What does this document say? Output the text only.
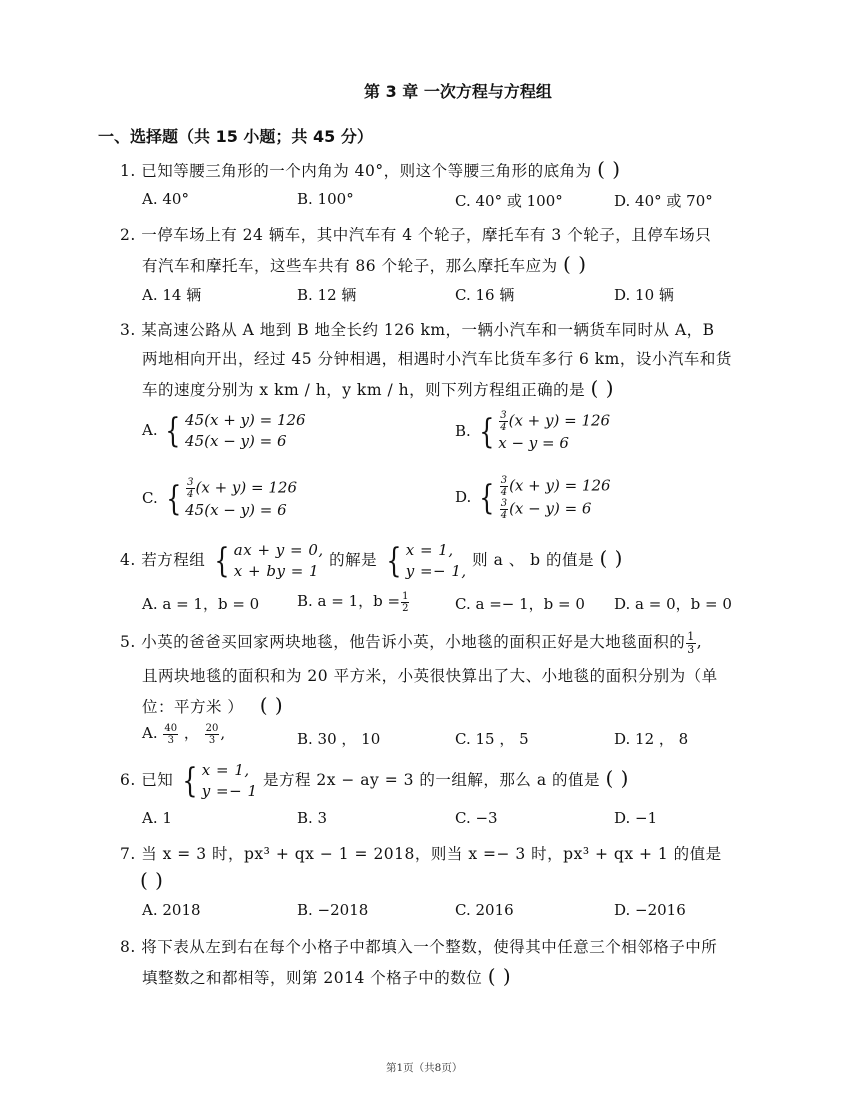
第 3 章 一次方程与方程组
一、选择题（共 15 小题；共 45 分）
1. 已知等腰三角形的一个内角为 40°，则这个等腰三角形的底角为 ( )
A. 40°	B. 100°	C. 40° 或 100°	D. 40° 或 70°
2. 一停车场上有 24 辆车，其中汽车有 4 个轮子，摩托车有 3 个轮子，且停车场只
有汽车和摩托车，这些车共有 86 个轮子，那么摩托车应为 ( )
A. 14 辆	B. 12 辆	C. 16 辆	D. 10 辆
3. 某高速公路从 A 地到 B 地全长约 126 km，一辆小汽车和一辆货车同时从 A，B
两地相向开出，经过 45 分钟相遇，相遇时小汽车比货车多行 6 km，设小汽车和货
车的速度分别为 x km / h，y km / h，则下列方程组正确的是 ( )
A. { 45(x + y) = 126
45(x − y) = 6
B. { $\frac{3}{4} (x + y) = 126$
x − y = 6
C. { $\frac{3}{4} (x + y) = 126$
45(x − y) = 6
D. { $\frac{3}{4} (x + y) = 126$
$\frac{3}{4} (x - y) = 6$
4. 若方程组 { ax + y = 0,
x + by = 1
的解是 { x = 1,
y =− 1,
则 a 、 b 的值是 ( )
A. a = 1，b = 0	B. a = 1，$b = \frac{1}{2}$	C. a =− 1，b = 0 D. a = 0，b = 0
5. 小英的爸爸买回家两块地毯，他告诉小英，小地毯的面积正好是大地毯面积的 $\frac{1}{3}$ ,
且两块地毯的面积和为 20 平方米，小英很快算出了大、小地毯的面积分别为（单
位：平方米 ） ( )
A. $\frac{40}{3}$ ， $\frac{20}{3}$ ,	B. 30 ， 10	C. 15 ， 5	D. 12 ， 8
6. 已知 { x = 1,
y =− 1
是方程 2x − ay = 3 的一组解，那么 a 的值是 ( )
A. 1	B. 3	C. −3	D. −1
7. 当 x = 3 时，px³ + qx − 1 = 2018，则当 x =− 3 时，px³ + qx + 1 的值是
( )
A. 2018	B. −2018	C. 2016	D. −2016
8. 将下表从左到右在每个小格子中都填入一个整数，使得其中任意三个相邻格子中所
填整数之和都相等，则第 2014 个格子中的数位 ( )
第1页（共8页）
